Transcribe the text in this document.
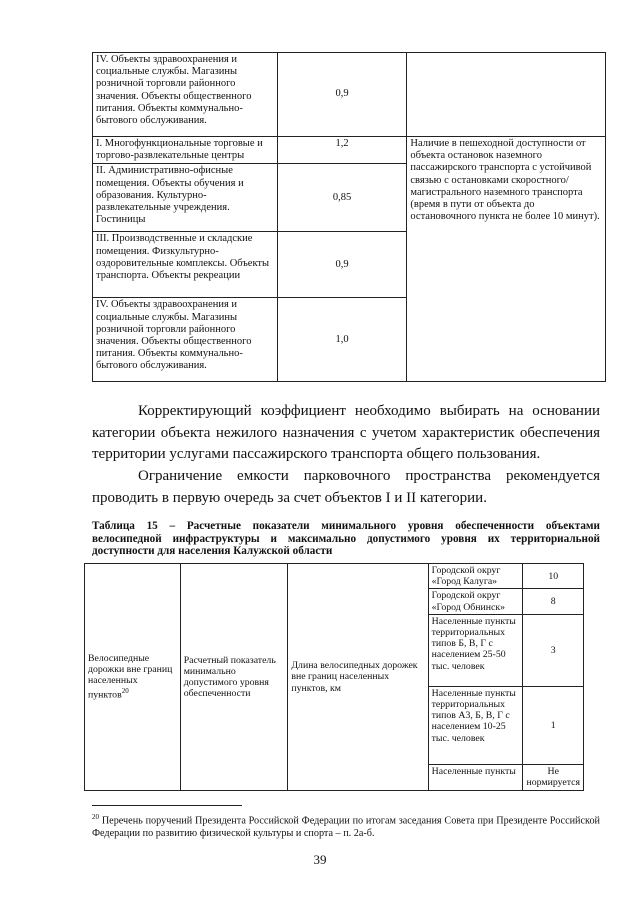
IV. Объекты здравоохранения и социальные службы. Магазины розничной торговли районного значения. Объекты общественного питания. Объекты коммунально-бытового обслуживания.	0,9	
I. Многофункциональные торговые и торгово-развлекательные центры	1,2	Наличие в пешеходной доступности от объекта остановок наземного пассажирского транспорта с устойчивой связью с остановками скоростного/магистрального наземного транспорта (время в пути от объекта до остановочного пункта не более 10 минут).
II. Административно-офисные помещения. Объекты обучения и образования. Культурно-развлекательные учреждения. Гостиницы	0,85	
III. Производственные и складские помещения. Физкультурно-оздоровительные комплексы. Объекты транспорта. Объекты рекреации	0,9	
IV. Объекты здравоохранения и социальные службы. Магазины розничной торговли районного значения. Объекты общественного питания. Объекты коммунально-бытового обслуживания.	1,0	

Корректирующий коэффициент необходимо выбирать на основании категории объекта нежилого назначения с учетом характеристик обеспечения территории услугами пассажирского транспорта общего пользования.

Ограничение емкости парковочного пространства рекомендуется проводить в первую очередь за счет объектов I и II категории.

Таблица 15 – Расчетные показатели минимального уровня обеспеченности объектами велосипедной инфраструктуры и максимально допустимого уровня их территориальной доступности для населения Калужской области

Велосипедные дорожки вне границ населенных пунктов$^{20}$	Расчетный показатель минимально допустимого уровня обеспеченности	Длина велосипедных дорожек вне границ населенных пунктов, км	Городской округ «Город Калуга»	10
			Городской округ «Город Обнинск»	8
			Населенные пункты территориальных типов Б, В, Г с населением 25-50 тыс. человек	3
			Населенные пункты территориальных типов А3, Б, В, Г с населением 10-25 тыс. человек	1
			Населенные пункты	Не нормируется

$^{20}$ Перечень поручений Президента Российской Федерации по итогам заседания Совета при Президенте Российской Федерации по развитию физической культуры и спорта – п. 2а-б.

39
